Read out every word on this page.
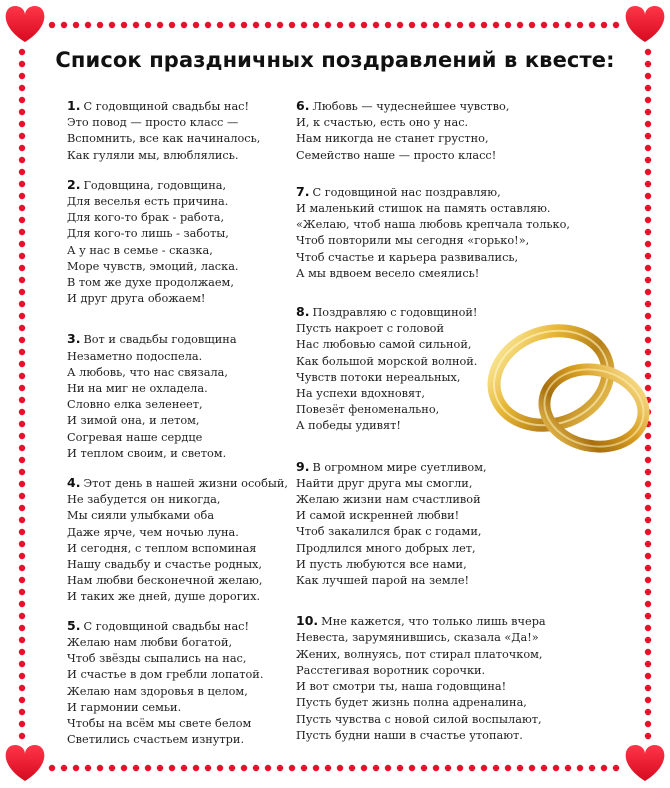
Список праздничных поздравлений в квесте:
1. С годовщиной свадьбы нас!
Это повод — просто класс —
Вспомнить, все как начиналось,
Как гуляли мы, влюблялись.
2. Годовщина, годовщина,
Для веселья есть причина.
Для кого-то брак - работа,
Для кого-то лишь - заботы,
А у нас в семье - сказка,
Море чувств, эмоций, ласка.
В том же духе продолжаем,
И друг друга обожаем!
3. Вот и свадьбы годовщина
Незаметно подоспела.
А любовь, что нас связала,
Ни на миг не охладела.
Словно елка зеленеет,
И зимой она, и летом,
Согревая наше сердце
И теплом своим, и светом.
4. Этот день в нашей жизни особый,
Не забудется он никогда,
Мы сияли улыбками оба
Даже ярче, чем ночью луна.
И сегодня, с теплом вспоминая
Нашу свадьбу и счастье родных,
Нам любви бесконечной желаю,
И таких же дней, душе дорогих.
5. С годовщиной свадьбы нас!
Желаю нам любви богатой,
Чтоб звёзды сыпались на нас,
И счастье в дом гребли лопатой.
Желаю нам здоровья в целом,
И гармонии семьи.
Чтобы на всём мы свете белом
Светились счастьем изнутри.
6. Любовь — чудеснейшее чувство,
И, к счастью, есть оно у нас.
Нам никогда не станет грустно,
Семейство наше — просто класс!
7. С годовщиной нас поздравляю,
И маленький стишок на память оставляю.
«Желаю, чтоб наша любовь крепчала только,
Чтоб повторили мы сегодня «горько!»,
Чтоб счастье и карьера развивались,
А мы вдвоем весело смеялись!
8. Поздравляю с годовщиной!
Пусть накроет с головой
Нас любовью самой сильной,
Как большой морской волной.
Чувств потоки нереальных,
На успехи вдохновят,
Повезёт феноменально,
А победы удивят!
9. В огромном мире суетливом,
Найти друг друга мы смогли,
Желаю жизни нам счастливой
И самой искренней любви!
Чтоб закалился брак с годами,
Продлился много добрых лет,
И пусть любуются все нами,
Как лучшей парой на земле!
10. Мне кажется, что только лишь вчера
Невеста, зарумянившись, сказала «Да!»
Жених, волнуясь, пот стирал платочком,
Расстегивая воротник сорочки.
И вот смотри ты, наша годовщина!
Пусть будет жизнь полна адреналина,
Пусть чувства с новой силой воспылают,
Пусть будни наши в счастье утопают.
